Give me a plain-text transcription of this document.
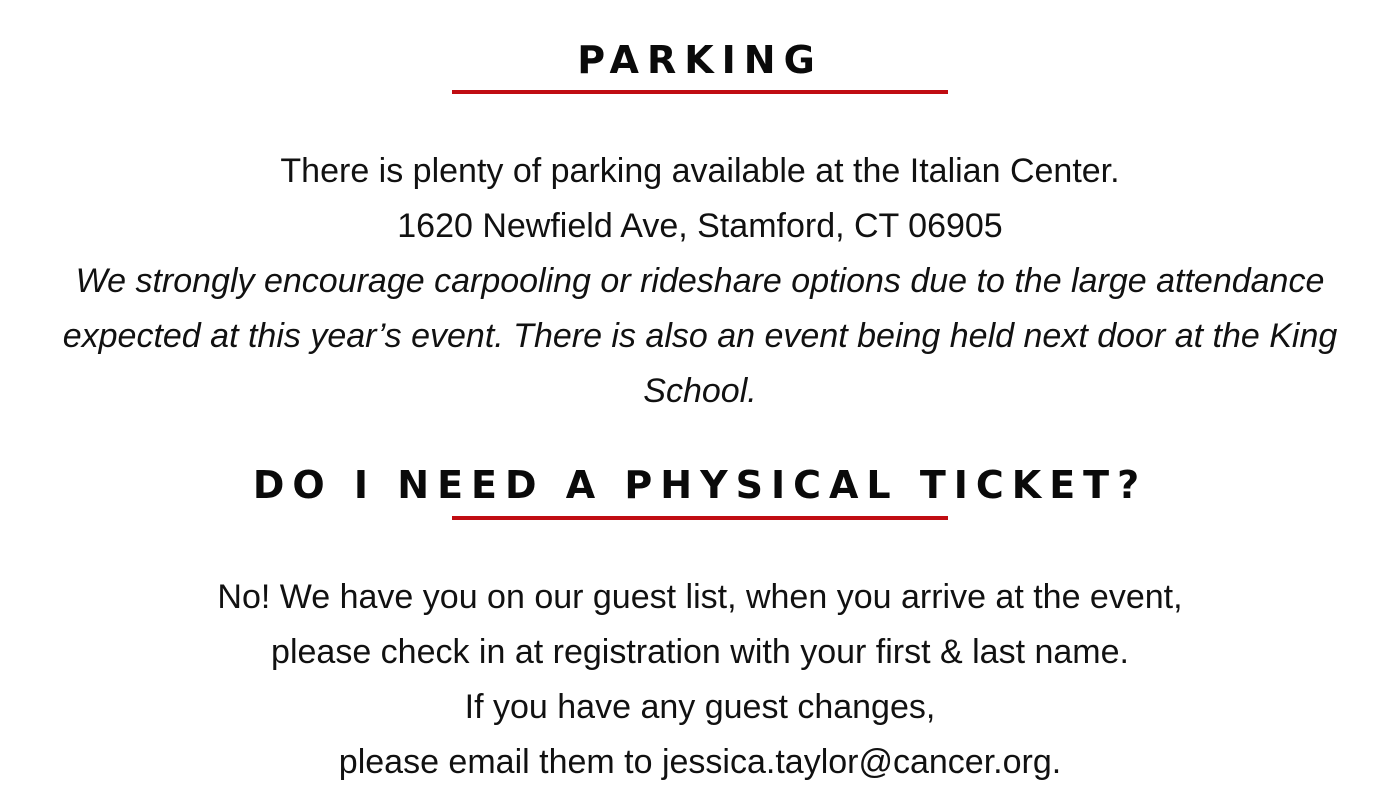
PARKING

There is plenty of parking available at the Italian Center.

1620 Newfield Ave, Stamford, CT 06905

We strongly encourage carpooling or rideshare options due to the large attendance expected at this year’s event. There is also an event being held next door at the King School.

DO I NEED A PHYSICAL TICKET?

No! We have you on our guest list, when you arrive at the event,

please check in at registration with your first & last name.

If you have any guest changes,

please email them to jessica.taylor@cancer.org.
